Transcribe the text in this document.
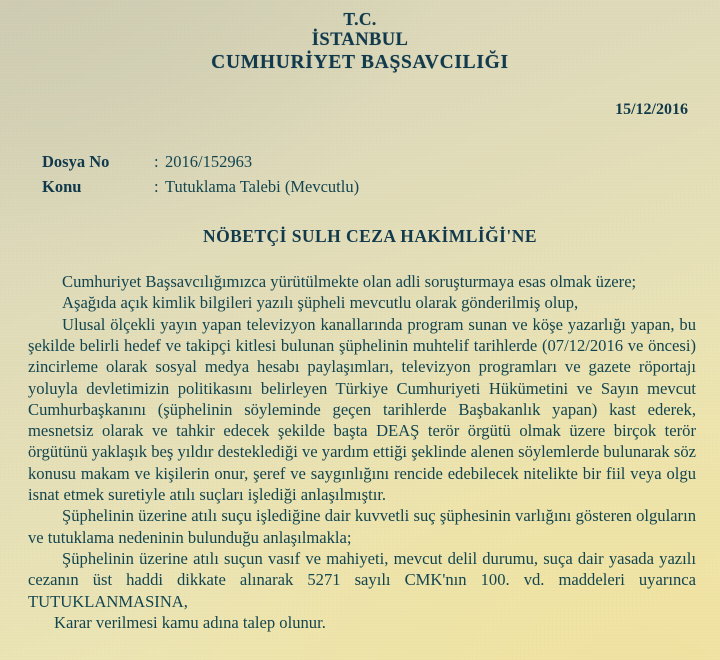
T.C.
İSTANBUL
CUMHURİYET BAŞSAVCILIĞI
15/12/2016
Dosya No	: 2016/152963
Konu	: Tutuklama Talebi (Mevcutlu)
NÖBETÇİ SULH CEZA HAKİMLİĞİ'NE

Cumhuriyet Başsavcılığımızca yürütülmekte olan adli soruşturmaya esas olmak üzere;

Aşağıda açık kimlik bilgileri yazılı şüpheli mevcutlu olarak gönderilmiş olup,

Ulusal ölçekli yayın yapan televizyon kanallarında program sunan ve köşe yazarlığı yapan, bu şekilde belirli hedef ve takipçi kitlesi bulunan şüphelinin muhtelif tarihlerde (07/12/2016 ve öncesi) zincirleme olarak sosyal medya hesabı paylaşımları, televizyon programları ve gazete röportajı yoluyla devletimizin politikasını belirleyen Türkiye Cumhuriyeti Hükümetini ve Sayın mevcut Cumhurbaşkanını (şüphelinin söyleminde geçen tarihlerde Başbakanlık yapan) kast ederek, mesnetsiz olarak ve tahkir edecek şekilde başta DEAŞ terör örgütü olmak üzere birçok terör örgütünü yaklaşık beş yıldır desteklediği ve yardım ettiği şeklinde alenen söylemlerde bulunarak söz konusu makam ve kişilerin onur, şeref ve saygınlığını rencide edebilecek nitelikte bir fiil veya olgu isnat etmek suretiyle atılı suçları işlediği anlaşılmıştır.

Şüphelinin üzerine atılı suçu işlediğine dair kuvvetli suç şüphesinin varlığını gösteren olguların ve tutuklama nedeninin bulunduğu anlaşılmakla;

Şüphelinin üzerine atılı suçun vasıf ve mahiyeti, mevcut delil durumu, suça dair yasada yazılı cezanın üst haddi dikkate alınarak 5271 sayılı CMK'nın 100. vd. maddeleri uyarınca TUTUKLANMASINA,

Karar verilmesi kamu adına talep olunur.
